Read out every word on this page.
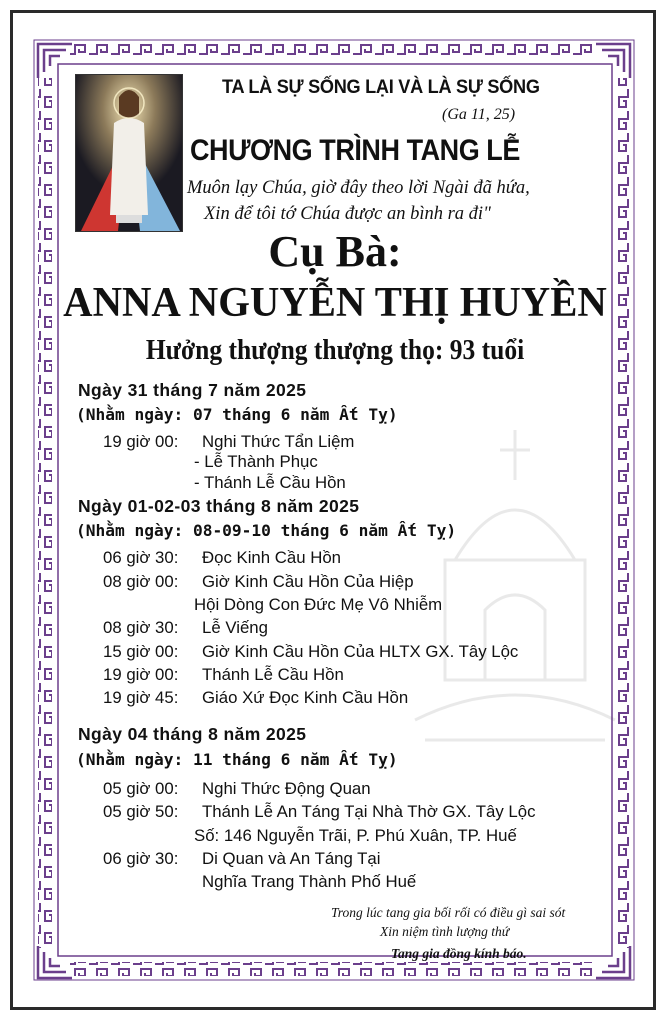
TA LÀ SỰ SỐNG LẠI VÀ LÀ SỰ SỐNG
(Ga 11, 25)
CHƯƠNG TRÌNH TANG LỄ
Muôn lạy Chúa, giờ đây theo lời Ngài đã hứa,
Xin để tôi tớ Chúa được an bình ra đi"
Cụ Bà:
ANNA NGUYỄN THỊ HUYỀN
Hưởng thượng thượng thọ: 93 tuổi
Ngày 31 tháng 7 năm 2025
(Nhằm ngày: 07 tháng 6 năm Ất Tỵ)
19 giờ 00: Nghi Thức Tẩn Liệm
- Lễ Thành Phục
- Thánh Lễ Cầu Hồn
Ngày 01-02-03 tháng 8 năm 2025
(Nhằm ngày: 08-09-10 tháng 6 năm Ất Tỵ)
06 giờ 30: Đọc Kinh Cầu Hồn
08 giờ 00: Giờ Kinh Cầu Hồn Của Hiệp
Hội Dòng Con Đức Mẹ Vô Nhiễm
08 giờ 30: Lễ Viếng
15 giờ 00: Giờ Kinh Cầu Hồn Của HLTX GX. Tây Lộc
19 giờ 00: Thánh Lễ Cầu Hồn
19 giờ 45: Giáo Xứ Đọc Kinh Cầu Hồn
Ngày 04 tháng 8 năm 2025
(Nhằm ngày: 11 tháng 6 năm Ất Tỵ)
05 giờ 00: Nghi Thức Động Quan
05 giờ 50: Thánh Lễ An Táng Tại Nhà Thờ GX. Tây Lộc
Số: 146 Nguyễn Trãi, P. Phú Xuân, TP. Huế
06 giờ 30: Di Quan và An Táng Tại
Nghĩa Trang Thành Phố Huế
Trong lúc tang gia bối rối có điều gì sai sót
Xin niệm tình lượng thứ
Tang gia đồng kính báo.
